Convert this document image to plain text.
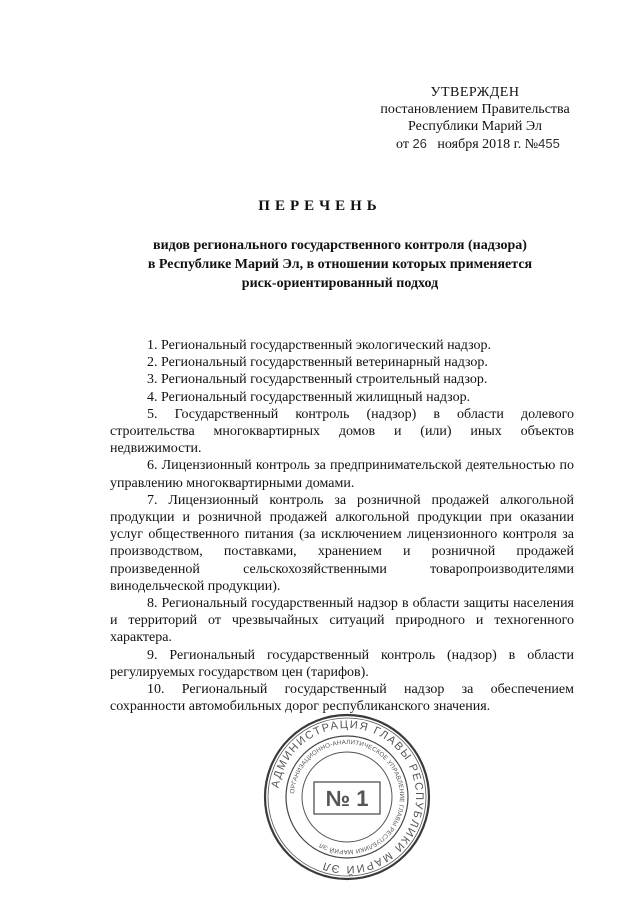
УТВЕРЖДЕН
постановлением Правительства
Республики Марий Эл
от 26 ноября 2018 г. №455
ПЕРЕЧЕНЬ
видов регионального государственного контроля (надзора)
в Республике Марий Эл, в отношении которых применяется
риск-ориентированный подход
1. Региональный государственный экологический надзор.
2. Региональный государственный ветеринарный надзор.
3. Региональный государственный строительный надзор.
4. Региональный государственный жилищный надзор.
5. Государственный контроль (надзор) в области долевого строительства многоквартирных домов и (или) иных объектов недвижимости.
6. Лицензионный контроль за предпринимательской деятельностью по управлению многоквартирными домами.
7. Лицензионный контроль за розничной продажей алкогольной продукции и розничной продажей алкогольной продукции при оказании услуг общественного питания (за исключением лицензионного контроля за производством, поставками, хранением и розничной продажей произведенной сельскохозяйственными товаропроизводителями винодельческой продукции).
8. Региональный государственный надзор в области защиты населения и территорий от чрезвычайных ситуаций природного и техногенного характера.
9. Региональный государственный контроль (надзор) в области регулируемых государством цен (тарифов).
10. Региональный государственный надзор за обеспечением сохранности автомобильных дорог республиканского значения.
АДМИНИСТРАЦИЯ ГЛАВЫ РЕСПУБЛИКИ МАРИЙ ЭЛ
ОРГАНИЗАЦИОННО-АНАЛИТИЧЕСКОЕ УПРАВЛЕНИЕ ГЛАВЫ РЕСПУБЛИКИ МАРИЙ ЭЛ
№ 1
